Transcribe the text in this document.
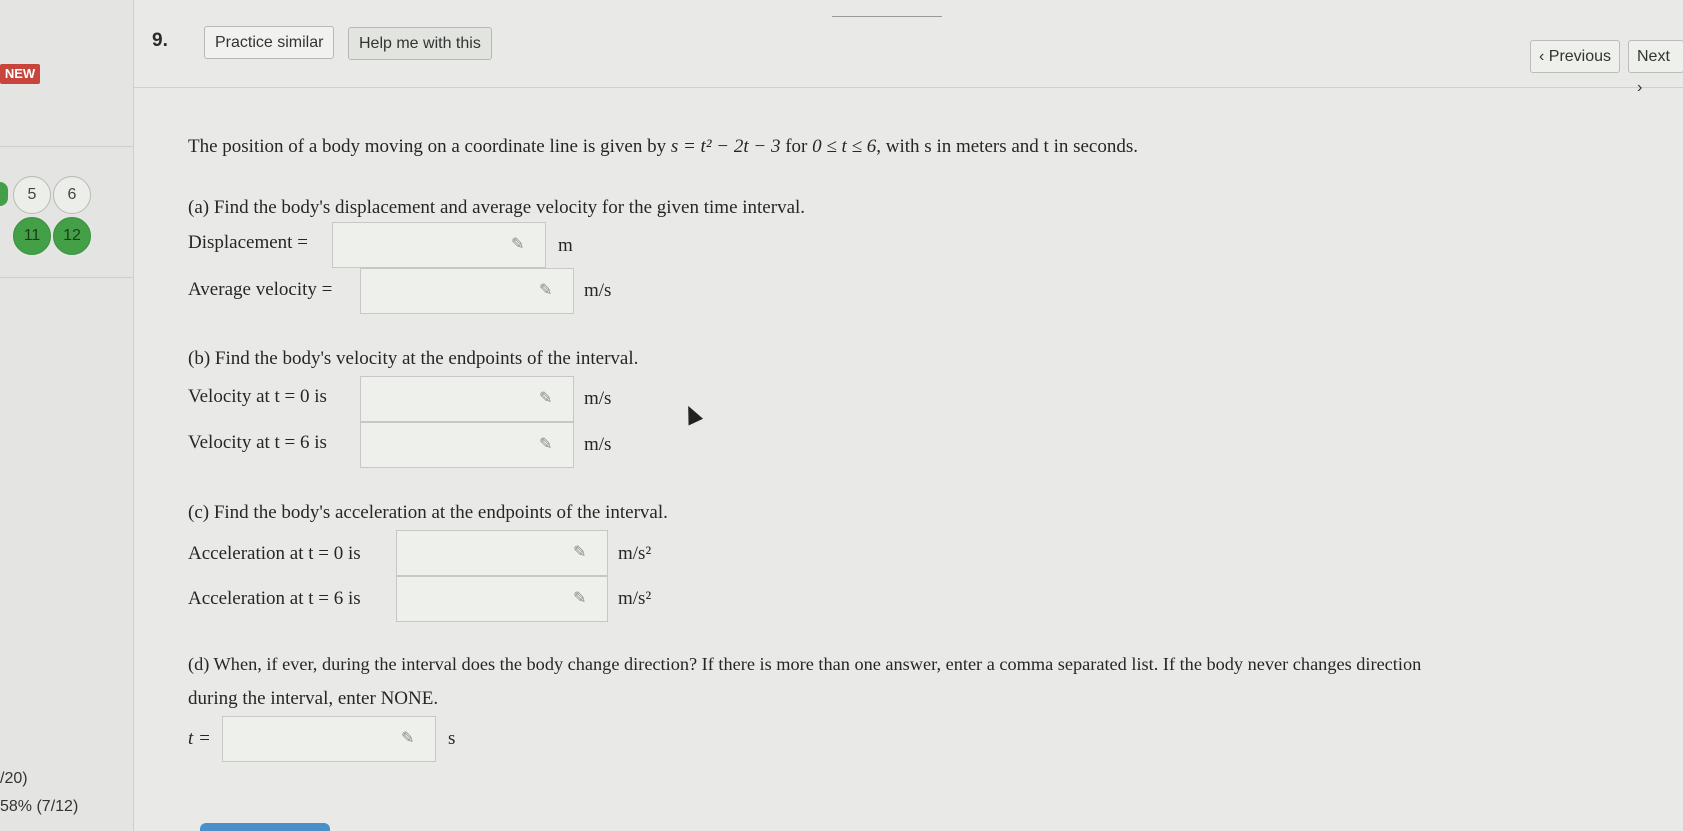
NEW
5	6
11	12
/20)
58% (7/12)
9.	Practice similar	Help me with this
‹ Previous	Next ›
The position of a body moving on a coordinate line is given by s = t² − 2t − 3 for 0 ≤ t ≤ 6, with s in meters and t in seconds.
(a) Find the body's displacement and average velocity for the given time interval.
Displacement =	✎	m
Average velocity =	✎	m/s
(b) Find the body's velocity at the endpoints of the interval.
Velocity at t = 0 is	✎	m/s
Velocity at t = 6 is	✎	m/s
(c) Find the body's acceleration at the endpoints of the interval.
Acceleration at t = 0 is	✎	m/s²
Acceleration at t = 6 is	✎	m/s²
(d) When, if ever, during the interval does the body change direction? If there is more than one answer, enter a comma separated list. If the body never changes direction
during the interval, enter NONE.
t =	✎	s
